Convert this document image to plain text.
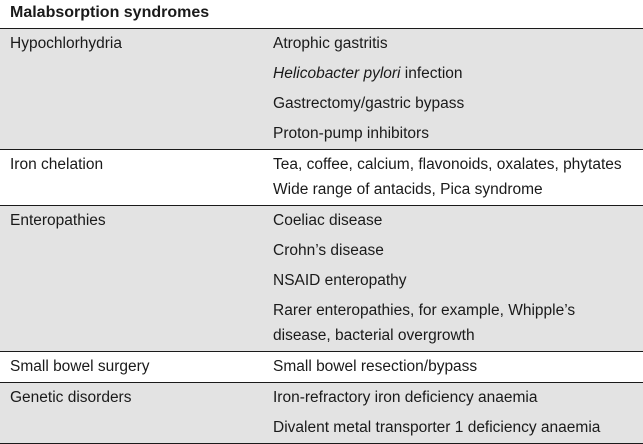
Malabsorption syndromes
Hypochlorhydria	Atrophic gastritis
Helicobacter pylori infection
Gastrectomy/gastric bypass
Proton-pump inhibitors
Iron chelation	Tea, coffee, calcium, flavonoids, oxalates, phytates
Wide range of antacids, Pica syndrome
Enteropathies	Coeliac disease
Crohn’s disease
NSAID enteropathy
Rarer enteropathies, for example, Whipple’s
disease, bacterial overgrowth
Small bowel surgery	Small bowel resection/bypass
Genetic disorders	Iron-refractory iron deficiency anaemia
Divalent metal transporter 1 deficiency anaemia
